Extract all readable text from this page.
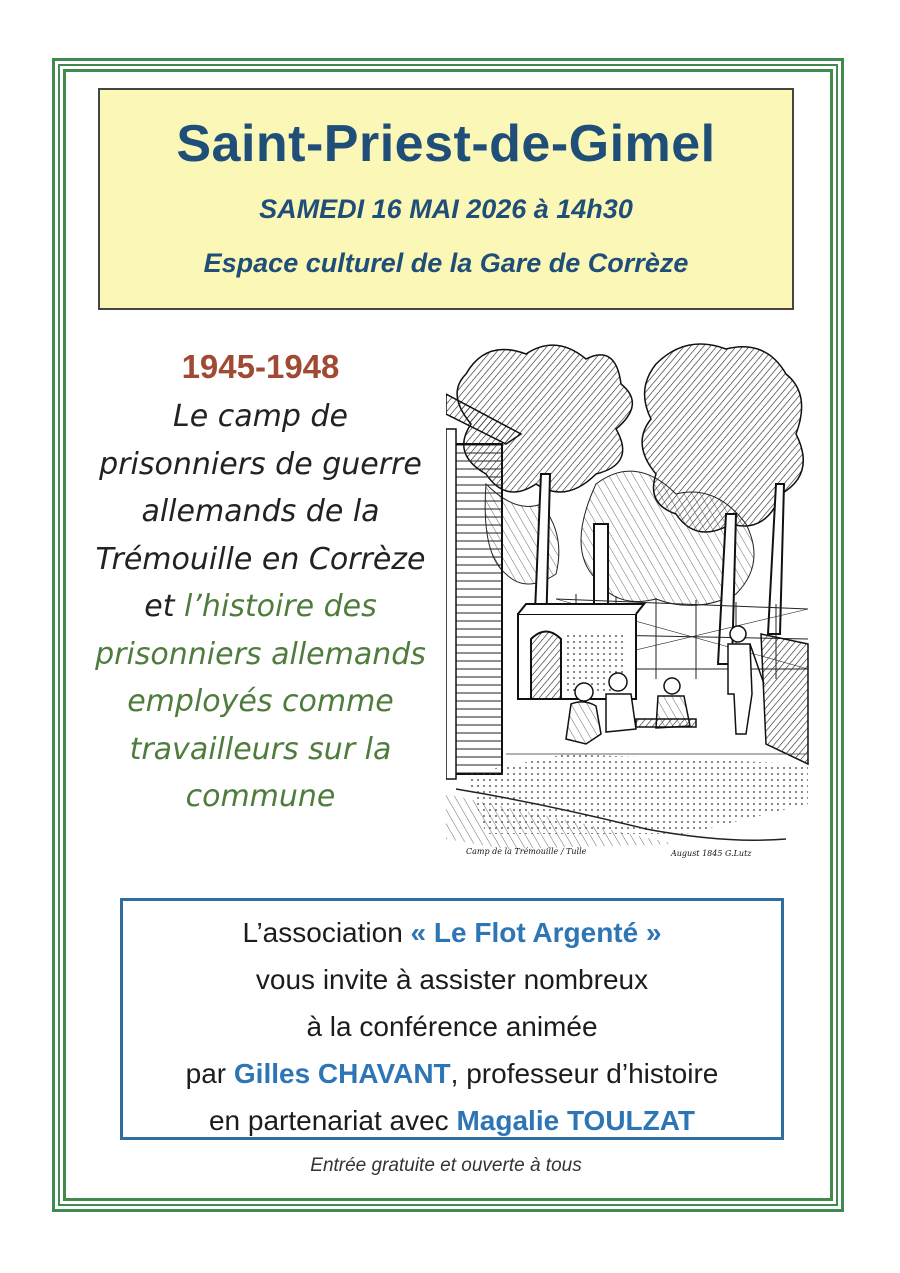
Saint-Priest-de-Gimel
SAMEDI 16 MAI 2026 à 14h30
Espace culturel de la Gare de Corrèze
1945-1948
Le camp de prisonniers de guerre allemands de la Trémouille en Corrèze et l’histoire des prisonniers allemands employés comme travailleurs sur la commune
Camp de la Trémouille / Tulle	August 1845 G.Lutz
L’association « Le Flot Argenté »
vous invite à assister nombreux
à la conférence animée
par Gilles CHAVANT, professeur d’histoire
en partenariat avec Magalie TOULZAT
Entrée gratuite et ouverte à tous
